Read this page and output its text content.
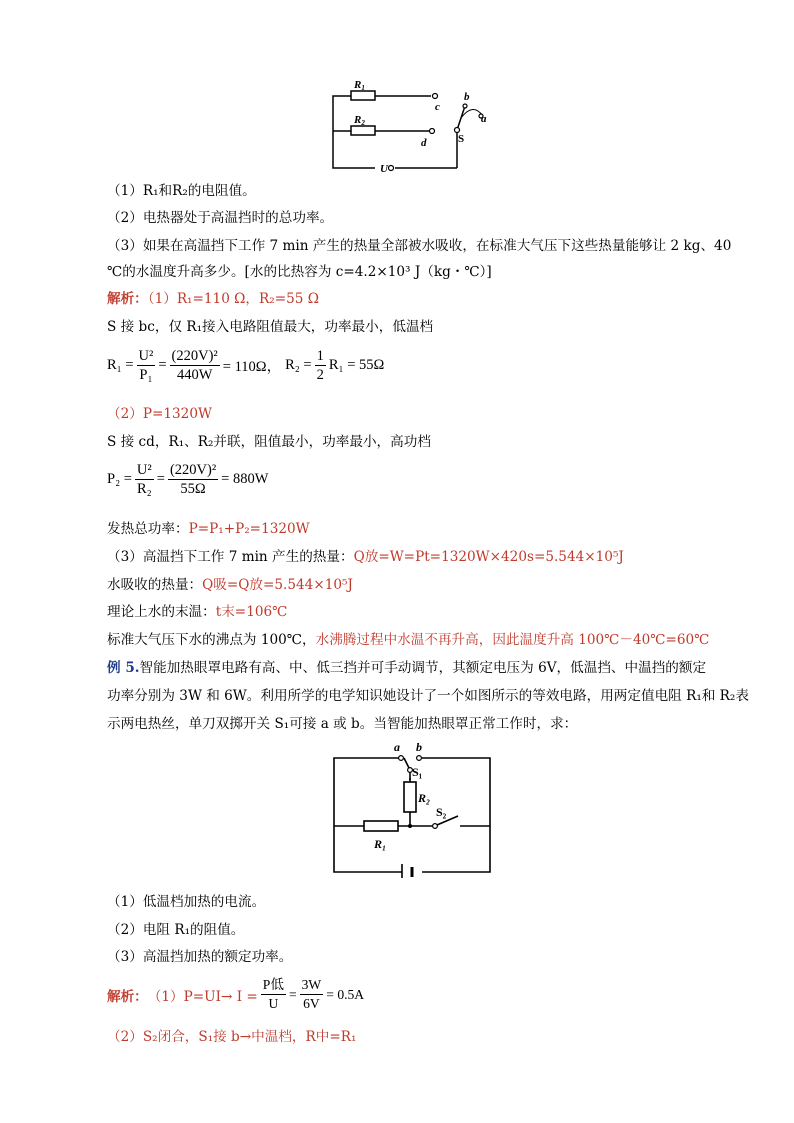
R1
R2
c
d
b
a
S
U
（1）R₁和R₂的电阻值。
（2）电热器处于高温挡时的总功率。
（3）如果在高温挡下工作 7 min 产生的热量全部被水吸收，在标准大气压下这些热量能够让 2 kg、40
℃的水温度升高多少。[水的比热容为 c=4.2×10³ J（kg・℃）]
解析：（1）R₁=110 Ω，R₂=55 Ω
S 接 bc，仅 R₁接入电路阻值最大，功率最小，低温档
$R_1 = \frac{\text{U²}}{\text{P₁}} = \frac{\text{(220V)²}}{440W} = 110\Omega$， $R_2 = \frac{1}{2} R_1 = 55\Omega$
（2）P=1320W
S 接 cd，R₁、R₂并联，阻值最小，功率最小，高功档
$P_2 = \frac{\text{U²}}{\text{R₂}} = \frac{\text{(220V)²}}{55\Omega} = 880W$
发热总功率：P=P₁+P₂=1320W
（3）高温挡下工作 7 min 产生的热量：Q放=W=Pt=1320W×420s=5.544×10⁵J
水吸收的热量：Q吸=Q放=5.544×10⁵J
理论上水的末温：t末=106℃
标准大气压下水的沸点为 100℃，水沸腾过程中水温不再升高，因此温度升高 100℃－40℃=60℃
例 5.智能加热眼罩电路有高、中、低三挡并可手动调节，其额定电压为 6V，低温挡、中温挡的额定
功率分别为 3W 和 6W。利用所学的电学知识她设计了一个如图所示的等效电路，用两定值电阻 R₁和 R₂表
示两电热丝，单刀双掷开关 S₁可接 a 或 b。当智能加热眼罩正常工作时，求：
a b
S₁
R₂
S₂
R₁
（1）低温档加热的电流。
（2）电阻 R₁的阻值。
（3）高温挡加热的额定功率。
解析： $(1)P=UI\to I = \frac{\text{P低}}{U} = \frac{3W}{6V} = 0.5A$
（2）S₂闭合，S₁接 b→中温档，R中=R₁
